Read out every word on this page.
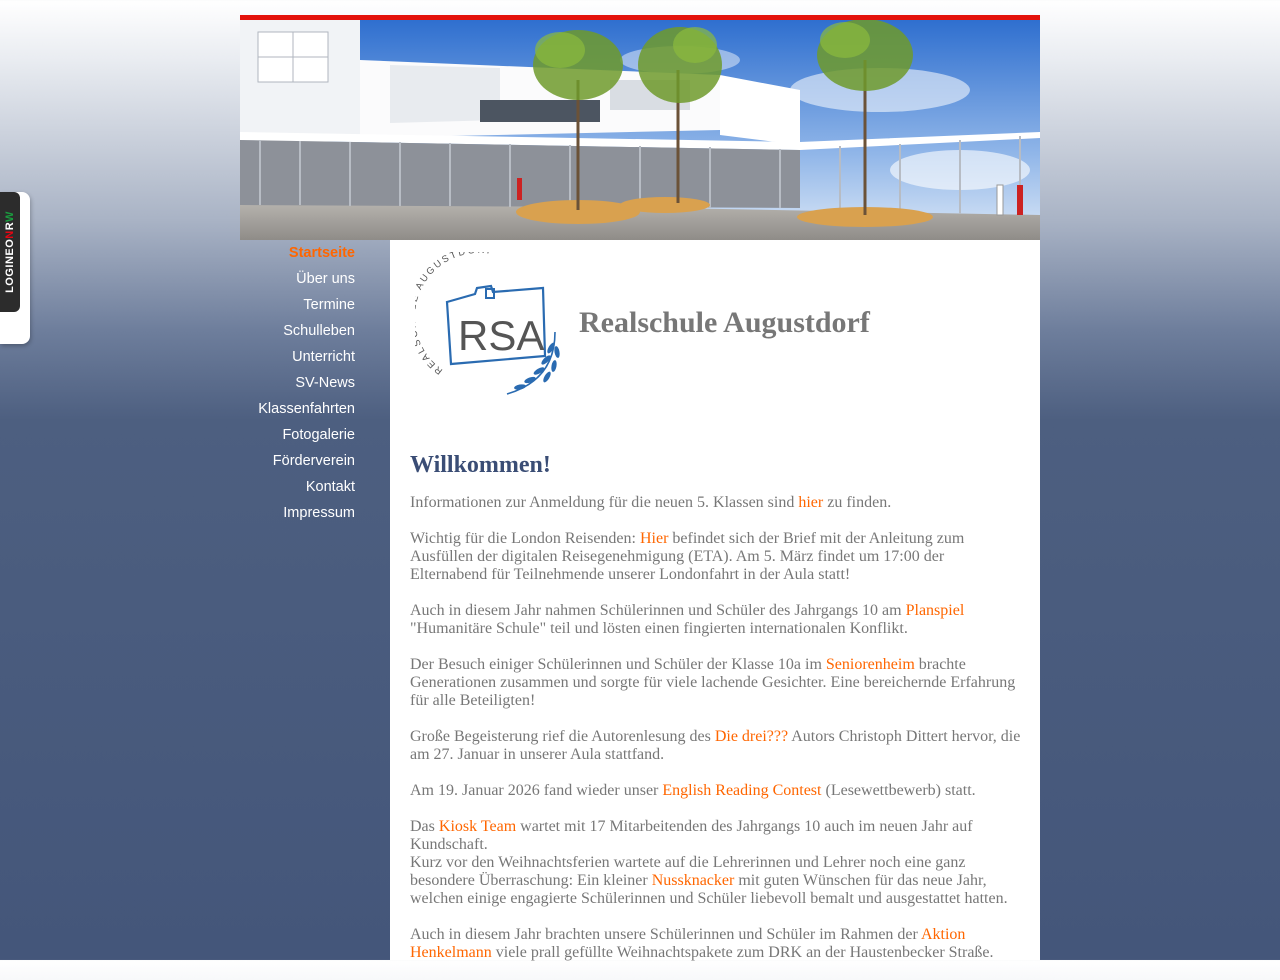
LOGINEONRW
Startseite
Über uns
Termine
Schulleben
Unterricht
SV-News
Klassenfahrten
Fotogalerie
Förderverein
Kontakt
Impressum
REAL AUGUSTD
RSA Realschule Augustdorf
Willkommen!

Informationen zur Anmeldung für die neuen 5. Klassen sind hier zu finden.

Wichtig für die London Reisenden: Hier befindet sich der Brief mit der Anleitung zum Ausfüllen der digitalen Reisegenehmigung (ETA). Am 5. März findet um 17:00 der Elternabend für Teilnehmende unserer Londonfahrt in der Aula statt!

Auch in diesem Jahr nahmen Schülerinnen und Schüler des Jahrgangs 10 am Planspiel "Humanitäre Schule" teil und lösten einen fingierten internationalen Konflikt.

Der Besuch einiger Schülerinnen und Schüler der Klasse 10a im Seniorenheim brachte Generationen zusammen und sorgte für viele lachende Gesichter. Eine bereichernde Erfahrung für alle Beteiligten!

Große Begeisterung rief die Autorenlesung des Die drei??? Autors Christoph Dittert hervor, die am 27. Januar in unserer Aula stattfand.

Am 19. Januar 2026 fand wieder unser English Reading Contest (Lesewettbewerb) statt.

Das Kiosk Team wartet mit 17 Mitarbeitenden des Jahrgangs 10 auch im neuen Jahr auf Kundschaft.
Kurz vor den Weihnachtsferien wartete auf die Lehrerinnen und Lehrer noch eine ganz besondere Überraschung: Ein kleiner Nussknacker mit guten Wünschen für das neue Jahr, welchen einige engagierte Schülerinnen und Schüler liebevoll bemalt und ausgestattet hatten.

Auch in diesem Jahr brachten unsere Schülerinnen und Schüler im Rahmen der Aktion Henkelmann viele prall gefüllte Weihnachtspakete zum DRK an der Haustenbecker Straße.
